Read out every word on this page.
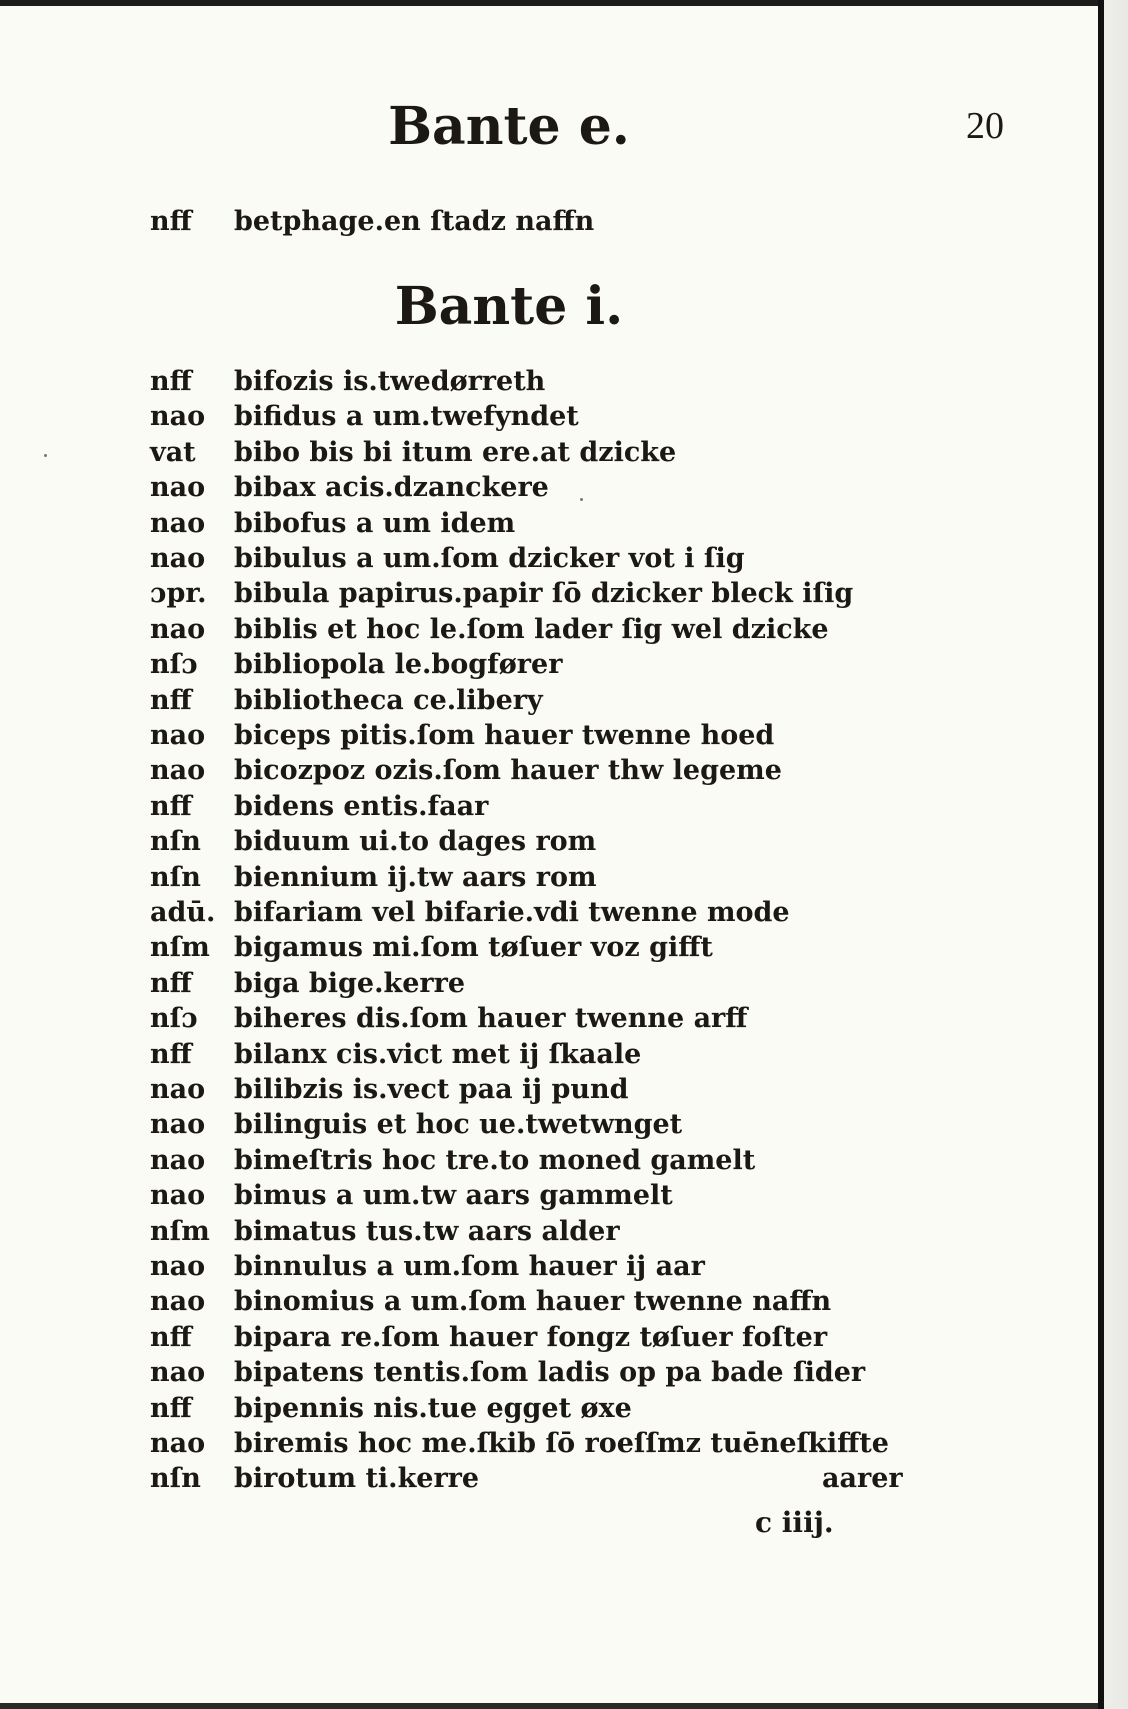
Bante e.	20
nff betphage.en ſtadz naffn
Bante i.
nff bifozis is.twedørreth
nao bifidus a um.twefyndet
vat bibo bis bi itum ere.at dzicke
nao bibax acis.dzanckere
nao bibofus a um idem
nao bibulus a um.ſom dzicker vot i ſig
ɔpr. bibula papirus.papir ſō dzicker bleck iſig
nao biblis et hoc le.ſom lader ſig wel dzicke
nſɔ bibliopola le.bogfører
nff bibliotheca ce.libery
nao biceps pitis.ſom hauer twenne hoed
nao bicozpoz ozis.ſom hauer thw legeme
nff bidens entis.faar
nſn biduum ui.to dages rom
nſn biennium ij.tw aars rom
adū. bifariam vel bifarie.vdi twenne mode
nſm bigamus mi.ſom tøſuer voz gifft
nff biga bige.kerre
nſɔ biheres dis.ſom hauer twenne arff
nff bilanx cis.vict met ij ſkaale
nao bilibzis is.vect paa ij pund
nao bilinguis et hoc ue.twetwnget
nao bimeſtris hoc tre.to moned gamelt
nao bimus a um.tw aars gammelt
nſm bimatus tus.tw aars alder
nao binnulus a um.ſom hauer ij aar
nao binomius a um.ſom hauer twenne naffn
nff bipara re.ſom hauer fongz tøſuer foſter
nao bipatens tentis.ſom ladis op pa bade ſider
nff bipennis nis.tue egget øxe
nao biremis hoc me.ſkib ſō roeſſmz tuēneſkiffte
nſn birotum ti.kerre	aarer
c iiij.
